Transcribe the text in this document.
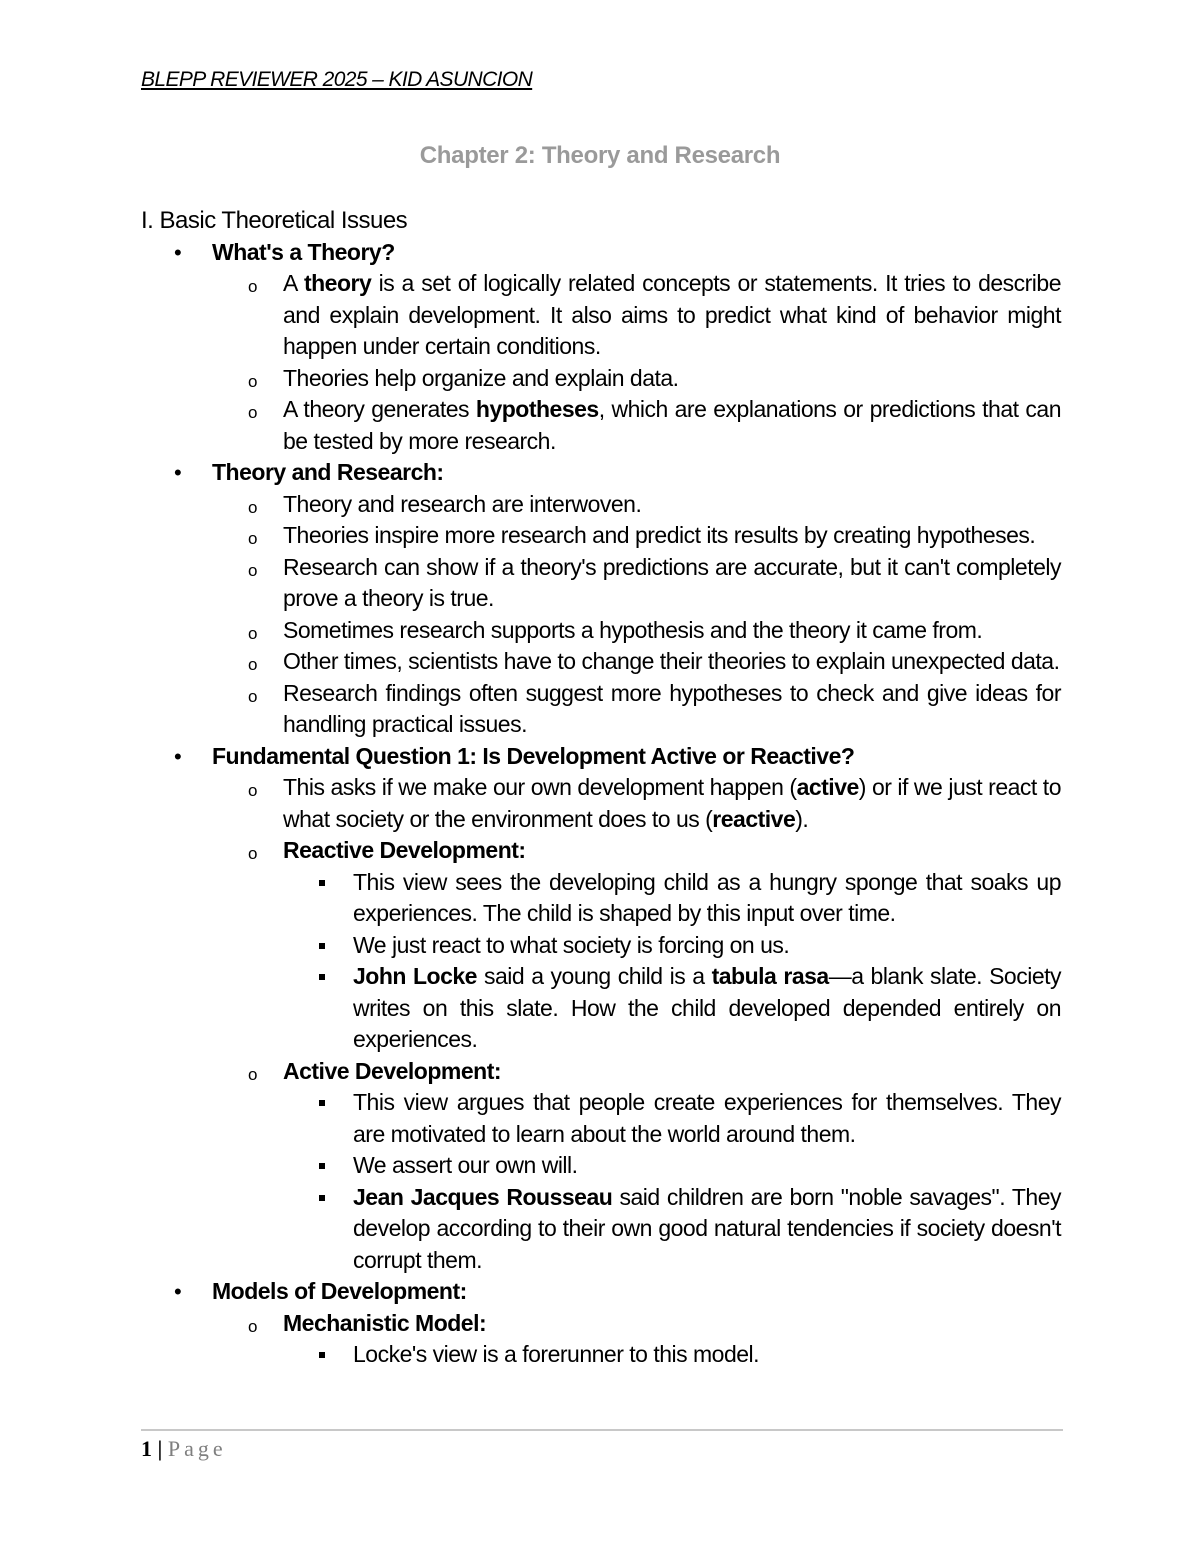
BLEPP REVIEWER 2025 – KID ASUNCION
Chapter 2: Theory and Research
I. Basic Theoretical Issues
• What's a Theory?
o A theory is a set of logically related concepts or statements. It tries to describe and explain development. It also aims to predict what kind of behavior might happen under certain conditions.
o Theories help organize and explain data.
o A theory generates hypotheses, which are explanations or predictions that can be tested by more research.
• Theory and Research:
o Theory and research are interwoven.
o Theories inspire more research and predict its results by creating hypotheses.
o Research can show if a theory's predictions are accurate, but it can't completely prove a theory is true.
o Sometimes research supports a hypothesis and the theory it came from.
o Other times, scientists have to change their theories to explain unexpected data.
o Research findings often suggest more hypotheses to check and give ideas for handling practical issues.
• Fundamental Question 1: Is Development Active or Reactive?
o This asks if we make our own development happen (active) or if we just react to what society or the environment does to us (reactive).
o Reactive Development:
This view sees the developing child as a hungry sponge that soaks up experiences. The child is shaped by this input over time.
We just react to what society is forcing on us.
John Locke said a young child is a tabula rasa—a blank slate. Society writes on this slate. How the child developed depended entirely on experiences.
o Active Development:
This view argues that people create experiences for themselves. They are motivated to learn about the world around them.
We assert our own will.
Jean Jacques Rousseau said children are born "noble savages". They develop according to their own good natural tendencies if society doesn't corrupt them.
• Models of Development:
o Mechanistic Model:
Locke's view is a forerunner to this model.
1 | Page
